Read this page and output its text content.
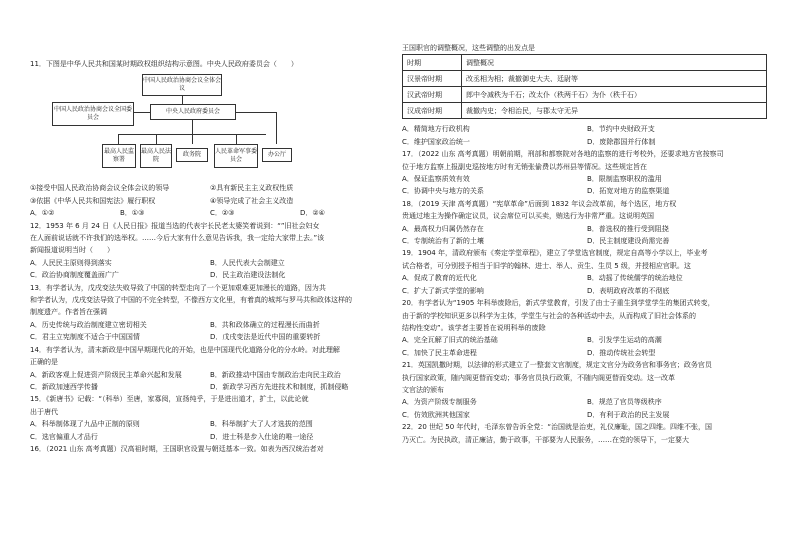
11．下图是中华人民共和国某时期政权组织结构示意图。中央人民政府委员会（　　）
中国人民政治协商会议全体会议
中国人民政治协商会议全国委员会
中央人民政府委员会
最高人民监察署
最高人民法院
政务院	人民革命军事委员会
办公厅
①接受中国人民政治协商会议全体会议的领导	②具有新民主主义政权性质
③依据《中华人民共和国宪法》履行职权	④领导完成了社会主义改造
A．①②	B．①③	C．②③	D．②④
12．1953 年 6 月 24 日《人民日报》报道当选的代表宇长民老太婆笑着说到：“”旧社会妇女
在人面前说话就不许我们的选举权。……今后大家有什么意见告诉我，我一定给大家带上去。”该
新闻报道说明当时（　　）
A．人民民主原则得到落实	B．人民代表大会制建立
C．政治协商制度覆盖面广广	D．民主政治建设法制化
13．有学者认为，戊戌变法失败导致了中国的转型走向了一个更加艰难更加漫长的道路，因为共
和学者认为，戊戌变法导致了中国的不完全转型，不像西方文化里，有着真的城邦与罗马共和政体这样的
制度遗产。作者旨在强调
A．历史传统与政治制度建立密切相关	B．共和政体确立的过程漫长而曲折
C．君主立宪制度不适合于中国国情	D．戊戌变法是近代中国的重要转折
14．有学者认为，清末新政是中国早期现代化的开始，也是中国现代化道路分化的分水岭。对此理解
正确的是
A．新政客观上促进资产阶级民主革命兴起和发展	B．新政推动中国由专制政治走向民主政治
C．新政加速西学传播	D．新政学习西方先进技术和制度，抓制侵略
15．《新唐书》记载：“（科举）至唐，家寡阅，宣扬纯乎，于是进出道才，扩土，以此论就
出于唐代
A．科举制体现了九品中正制的原则	B．科举制扩大了人才选拔的范围
C．选官偏重人才品行	D．进士科是步入仕途的唯一途径
16．（2021 山东 高考真题）汉高祖时期，王国职官设置与朝廷基本一致。如表为西汉统治者对
王国职官的调整概况，这些调整的出发点是
时期	调整概况
汉景帝时期	改丞相为相；裁撤御史大夫、廷尉等
汉武帝时期	郎中令减秩为千石；改太仆（秩两千石）为仆（秩千石）
汉成帝时期	裁撤内史；令相治民，与郡太守无异
A．精简地方行政机构	B．节约中央财政开支
C．维护国家政治统一	D．废除郡国并行体制
17．（2022 山东 高考真题）明朝前期，刑部和都察院对各地的监察的进行考校外，还要求地方官按察司
位于地方监察上报副史巡按地方时有无销张偷费以苏州县等情况。这些规定旨在
A．保证监察质效有效	B．限制监察职权的滥用
C．协调中央与地方的关系	D．拓宽对地方的监察渠道
18．（2019 天津 高考真题）“宪草革命”后面到 1832 年议会改革前，每个选区，地方权
贵通过地主为操作确定议员，议会席位可以买卖，贿选行为非常严重。这说明英国
A．最高权力归属仍然存在	B．普选权的推行受到阻挠
C．专制统治有了新的土壤	D．民主制度建设尚需完善
19．1904 年，清政府颁布《奏定学堂章程》，建立了学堂选官制度，规定自高等小学以上，毕业考
试合格者，可分别授予相当于旧学的翰林、进士、举人、贡生、生员 5 级，并授相应官职。这
A．促成了教育的近代化	B．动摇了传统儒学的统治地位
C．扩大了新式学堂的影响	D．表明政府改革的不彻底
20．有学者认为“1905 年科举废除后，新式学堂教育，引发了由士子重生到学堂学生的集团式转变，
由于新的学校知识更多以科学为主体，学堂生与社会的各种活动中去，从而构成了旧社会体系的
结构性变动”。该学者主要旨在说明科举的废除
A．完全瓦解了旧式的统治基础	B．引发学生运动的高潮
C．加快了民主革命进程	D．推动传统社会转型
21．英国凯撒时期，以法律的形式建立了一整套文官制度，规定文官分为政务官和事务官；政务官员
执行国家政策，随内阁更替而变动；事务官员执行政策，不随内阁更替而变动。这一改革
文官法的颁布
A．为资产阶级专制服务	B．规范了官员等级秩序
C．仿效欧洲其他国家	D．有利于政治的民主发展
22．20 世纪 50 年代时，毛泽东曾告诉全党：“治国就是治吏，礼仪廉耻，国之四维。四维不张，国
乃灭亡。为民执政，清正廉洁，勤于政事，干部要为人民服务，……在党的领导下，一定要大
